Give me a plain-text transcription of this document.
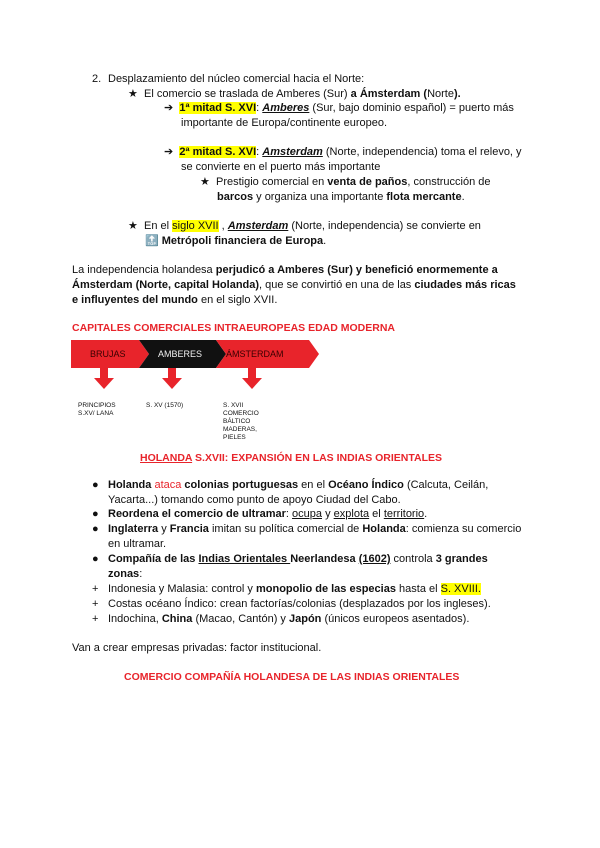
2. Desplazamiento del núcleo comercial hacia el Norte:
★ El comercio se traslada de Amberes (Sur) a Ámsterdam (Norte).
➔ 1ª mitad S. XVI: Amberes (Sur, bajo dominio español) = puerto más
importante de Europa/continente europeo.
➔ 2ª mitad S. XVI: Amsterdam (Norte, independencia) toma el relevo, y
se convierte en el puerto más importante
★ Prestigio comercial en venta de paños, construcción de
barcos y organiza una importante flota mercante.
★ En el siglo XVII , Amsterdam (Norte, independencia) se convierte en
🔝 Metrópoli financiera de Europa.
La independencia holandesa perjudicó a Amberes (Sur) y benefició enormemente a
Ámsterdam (Norte, capital Holanda), que se convirtió en una de las ciudades más ricas
e influyentes del mundo en el siglo XVII.
CAPITALES COMERCIALES INTRAEUROPEAS EDAD MODERNA
BRUJAS	AMBERES	ÁMSTERDAM
PRINCIPIOS S.XV/ LANA
S. XV (1570)	S. XVII COMERCIO BÁLTICO MADERAS, PIELES
HOLANDA S.XVII: EXPANSIÓN EN LAS INDIAS ORIENTALES
● Holanda ataca colonias portuguesas en el Océano Índico (Calcuta, Ceilán,
Yacarta...) tomando como punto de apoyo Ciudad del Cabo.
● Reordena el comercio de ultramar: ocupa y explota el territorio.
● Inglaterra y Francia imitan su política comercial de Holanda: comienza su comercio
en ultramar.
● Compañía de las Indias Orientales Neerlandesa (1602) controla 3 grandes
zonas:
+ Indonesia y Malasia: control y monopolio de las especias hasta el S. XVIII.
+ Costas océano Índico: crean factorías/colonias (desplazados por los ingleses).
+ Indochina, China (Macao, Cantón) y Japón (únicos europeos asentados).
Van a crear empresas privadas: factor institucional.
COMERCIO COMPAÑÍA HOLANDESA DE LAS INDIAS ORIENTALES
